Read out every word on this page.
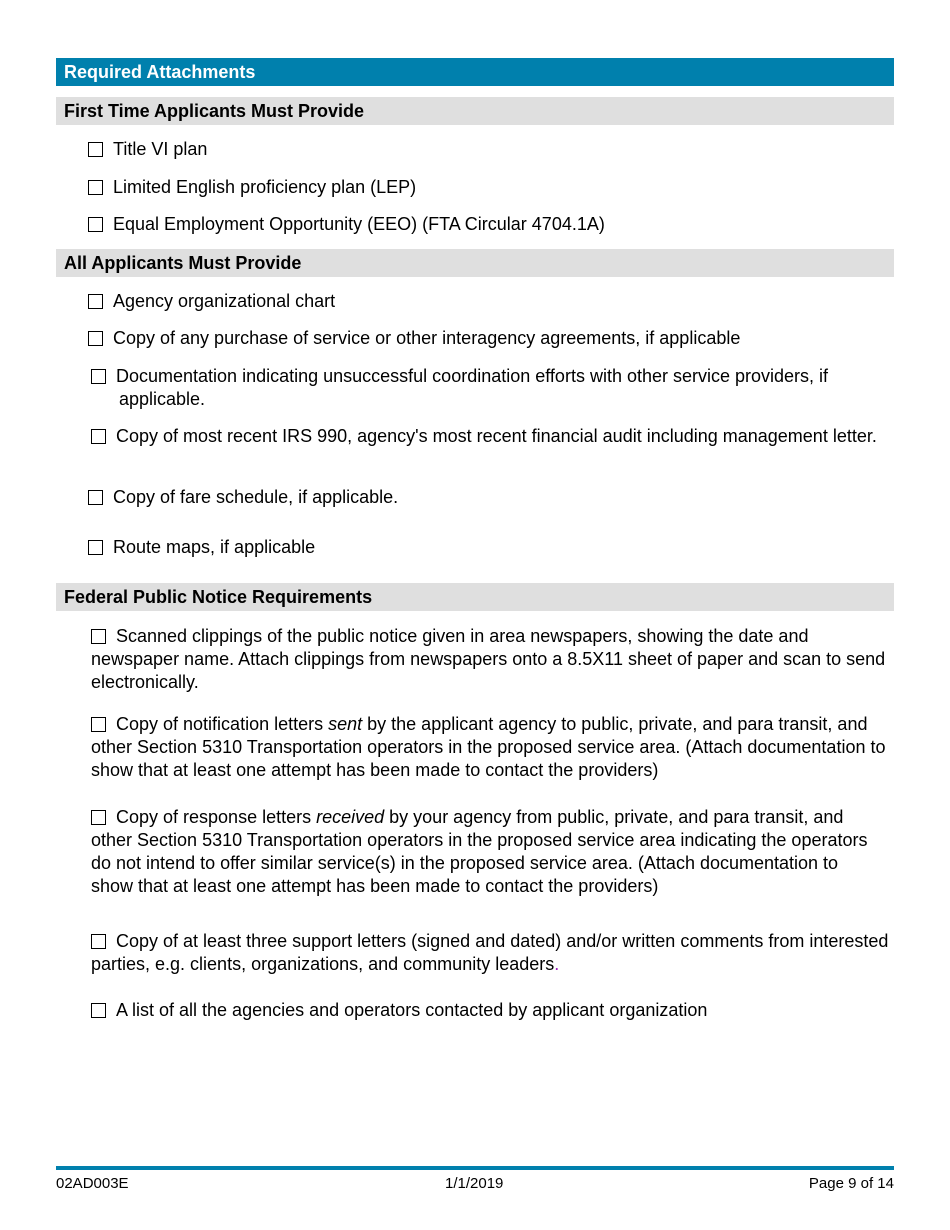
Required Attachments
First Time Applicants Must Provide
Title VI plan
Limited English proficiency plan (LEP)
Equal Employment Opportunity (EEO) (FTA Circular 4704.1A)
All Applicants Must Provide
Agency organizational chart
Copy of any purchase of service or other interagency agreements, if applicable
Documentation indicating unsuccessful coordination efforts with other service providers, if applicable.
Copy of most recent IRS 990, agency's most recent financial audit including management letter.
Copy of fare schedule, if applicable.
Route maps, if applicable
Federal Public Notice Requirements
Scanned clippings of the public notice given in area newspapers, showing the date and newspaper name. Attach clippings from newspapers onto a 8.5X11 sheet of paper and scan to send electronically.
Copy of notification letters sent by the applicant agency to public, private, and para transit, and other Section 5310 Transportation operators in the proposed service area. (Attach documentation to show that at least one attempt has been made to contact the providers)
Copy of response letters received by your agency from public, private, and para transit, and other Section 5310 Transportation operators in the proposed service area indicating the operators do not intend to offer similar service(s) in the proposed service area. (Attach documentation to show that at least one attempt has been made to contact the providers)
Copy of at least three support letters (signed and dated) and/or written comments from interested parties, e.g. clients, organizations, and community leaders.
A list of all the agencies and operators contacted by applicant organization
02AD003E	1/1/2019	Page 9 of 14
